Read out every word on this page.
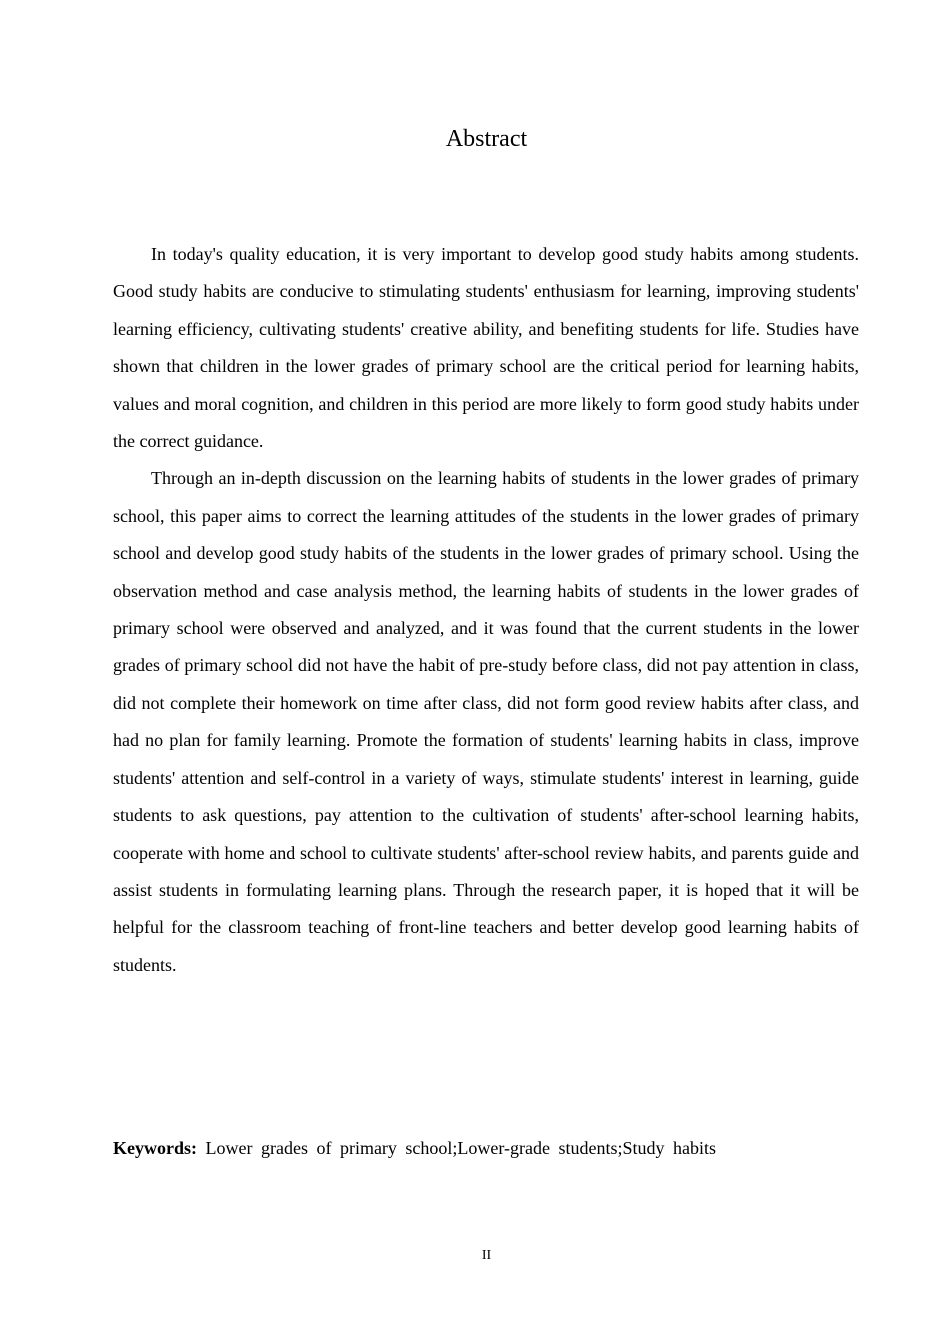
Abstract

In today's quality education, it is very important to develop good study habits among students. Good study habits are conducive to stimulating students' enthusiasm for learning, improving students' learning efficiency, cultivating students' creative ability, and benefiting students for life. Studies have shown that children in the lower grades of primary school are the critical period for learning habits, values and moral cognition, and children in this period are more likely to form good study habits under the correct guidance.

Through an in-depth discussion on the learning habits of students in the lower grades of primary school, this paper aims to correct the learning attitudes of the students in the lower grades of primary school and develop good study habits of the students in the lower grades of primary school. Using the observation method and case analysis method, the learning habits of students in the lower grades of primary school were observed and analyzed, and it was found that the current students in the lower grades of primary school did not have the habit of pre-study before class, did not pay attention in class, did not complete their homework on time after class, did not form good review habits after class, and had no plan for family learning. Promote the formation of students' learning habits in class, improve students' attention and self-control in a variety of ways, stimulate students' interest in learning, guide students to ask questions, pay attention to the cultivation of students' after-school learning habits, cooperate with home and school to cultivate students' after-school review habits, and parents guide and assist students in formulating learning plans. Through the research paper, it is hoped that it will be helpful for the classroom teaching of front-line teachers and better develop good learning habits of students.

Keywords: Lower grades of primary school;Lower-grade students;Study habits

II
